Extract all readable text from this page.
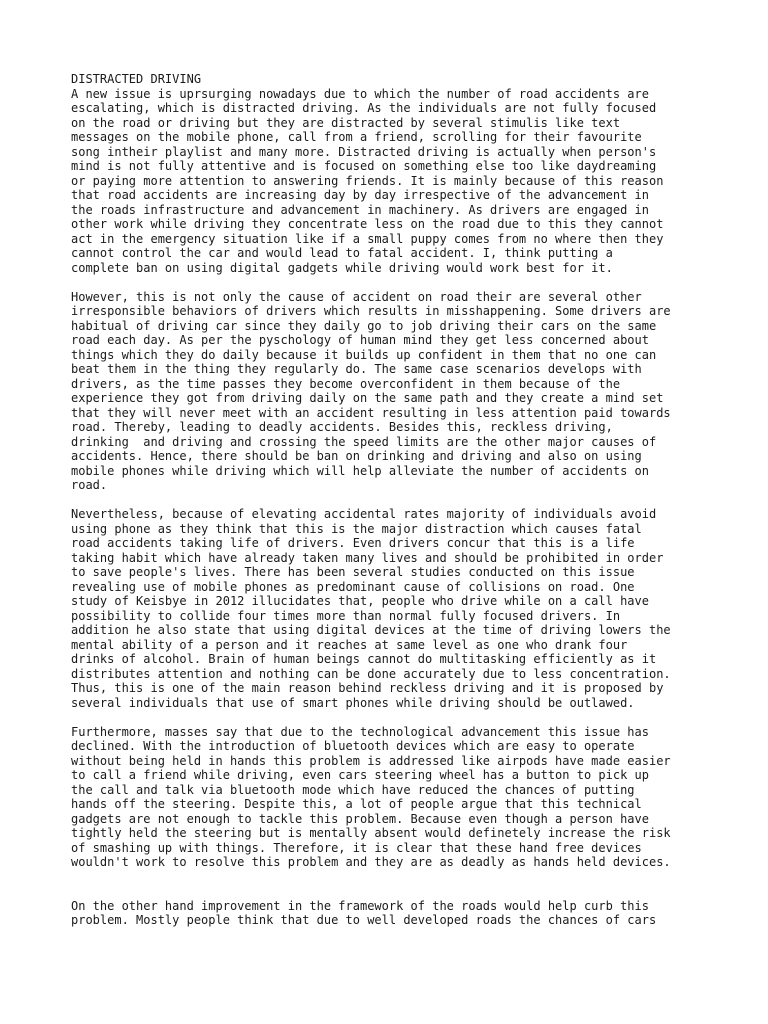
DISTRACTED DRIVING
A new issue is uprsurging nowadays due to which the number of road accidents are
escalating, which is distracted driving. As the individuals are not fully focused
on the road or driving but they are distracted by several stimulis like text
messages on the mobile phone, call from a friend, scrolling for their favourite
song intheir playlist and many more. Distracted driving is actually when person's
mind is not fully attentive and is focused on something else too like daydreaming
or paying more attention to answering friends. It is mainly because of this reason
that road accidents are increasing day by day irrespective of the advancement in
the roads infrastructure and advancement in machinery. As drivers are engaged in
other work while driving they concentrate less on the road due to this they cannot
act in the emergency situation like if a small puppy comes from no where then they
cannot control the car and would lead to fatal accident. I, think putting a
complete ban on using digital gadgets while driving would work best for it.
However, this is not only the cause of accident on road their are several other
irresponsible behaviors of drivers which results in misshappening. Some drivers are
habitual of driving car since they daily go to job driving their cars on the same
road each day. As per the pyschology of human mind they get less concerned about
things which they do daily because it builds up confident in them that no one can
beat them in the thing they regularly do. The same case scenarios develops with
drivers, as the time passes they become overconfident in them because of the
experience they got from driving daily on the same path and they create a mind set
that they will never meet with an accident resulting in less attention paid towards
road. Thereby, leading to deadly accidents. Besides this, reckless driving,
drinking  and driving and crossing the speed limits are the other major causes of
accidents. Hence, there should be ban on drinking and driving and also on using
mobile phones while driving which will help alleviate the number of accidents on
road.
Nevertheless, because of elevating accidental rates majority of individuals avoid
using phone as they think that this is the major distraction which causes fatal
road accidents taking life of drivers. Even drivers concur that this is a life
taking habit which have already taken many lives and should be prohibited in order
to save people's lives. There has been several studies conducted on this issue
revealing use of mobile phones as predominant cause of collisions on road. One
study of Keisbye in 2012 illucidates that, people who drive while on a call have
possibility to collide four times more than normal fully focused drivers. In
addition he also state that using digital devices at the time of driving lowers the
mental ability of a person and it reaches at same level as one who drank four
drinks of alcohol. Brain of human beings cannot do multitasking efficiently as it
distributes attention and nothing can be done accurately due to less concentration.
Thus, this is one of the main reason behind reckless driving and it is proposed by
several individuals that use of smart phones while driving should be outlawed.
Furthermore, masses say that due to the technological advancement this issue has
declined. With the introduction of bluetooth devices which are easy to operate
without being held in hands this problem is addressed like airpods have made easier
to call a friend while driving, even cars steering wheel has a button to pick up
the call and talk via bluetooth mode which have reduced the chances of putting
hands off the steering. Despite this, a lot of people argue that this technical
gadgets are not enough to tackle this problem. Because even though a person have
tightly held the steering but is mentally absent would definetely increase the risk
of smashing up with things. Therefore, it is clear that these hand free devices
wouldn't work to resolve this problem and they are as deadly as hands held devices.
On the other hand improvement in the framework of the roads would help curb this
problem. Mostly people think that due to well developed roads the chances of cars
